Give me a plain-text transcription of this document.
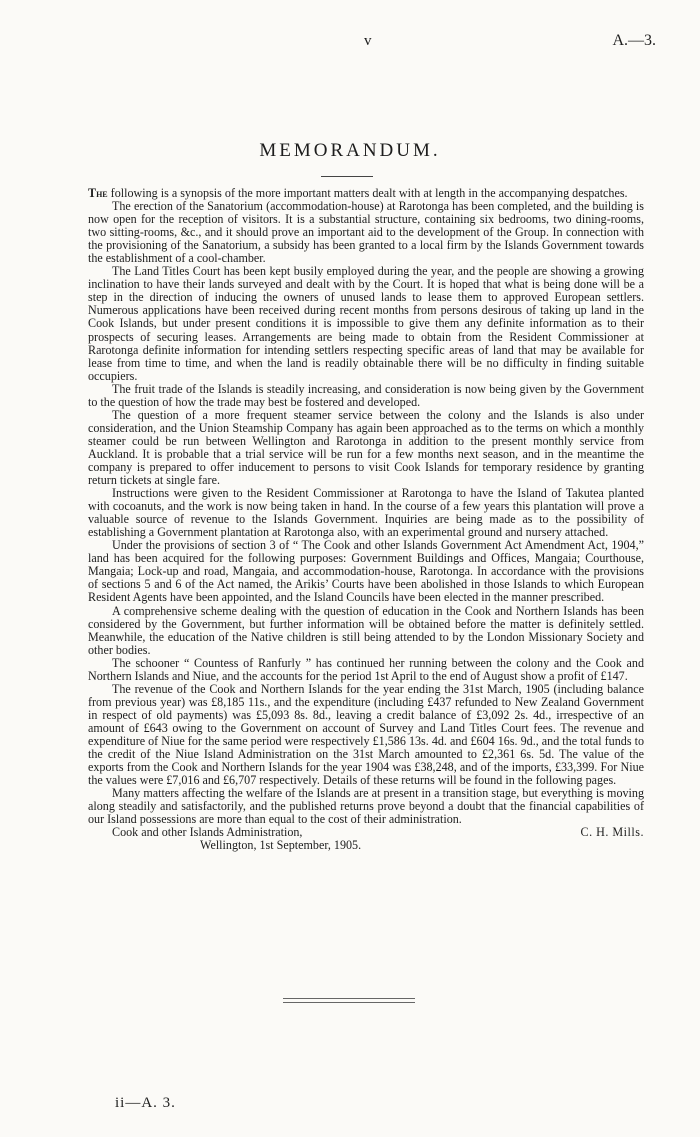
v	A.—3.
MEMORANDUM.

The following is a synopsis of the more important matters dealt with at length in the accompanying despatches.

The erection of the Sanatorium (accommodation-house) at Rarotonga has been completed, and the building is now open for the reception of visitors. It is a substantial structure, containing six bedrooms, two dining-rooms, two sitting-rooms, &c., and it should prove an important aid to the development of the Group. In connection with the provisioning of the Sanatorium, a subsidy has been granted to a local firm by the Islands Government towards the establishment of a cool-chamber.

The Land Titles Court has been kept busily employed during the year, and the people are showing a growing inclination to have their lands surveyed and dealt with by the Court. It is hoped that what is being done will be a step in the direction of inducing the owners of unused lands to lease them to approved European settlers. Numerous applications have been received during recent months from persons desirous of taking up land in the Cook Islands, but under present conditions it is impossible to give them any definite information as to their prospects of securing leases. Arrangements are being made to obtain from the Resident Commissioner at Rarotonga definite information for intending settlers respecting specific areas of land that may be available for lease from time to time, and when the land is readily obtainable there will be no difficulty in finding suitable occupiers.

The fruit trade of the Islands is steadily increasing, and consideration is now being given by the Government to the question of how the trade may best be fostered and developed.

The question of a more frequent steamer service between the colony and the Islands is also under consideration, and the Union Steamship Company has again been approached as to the terms on which a monthly steamer could be run between Wellington and Rarotonga in addition to the present monthly service from Auckland. It is probable that a trial service will be run for a few months next season, and in the meantime the company is prepared to offer inducement to persons to visit Cook Islands for temporary residence by granting return tickets at single fare.

Instructions were given to the Resident Commissioner at Rarotonga to have the Island of Takutea planted with cocoanuts, and the work is now being taken in hand. In the course of a few years this plantation will prove a valuable source of revenue to the Islands Government. Inquiries are being made as to the possibility of establishing a Government plantation at Rarotonga also, with an experimental ground and nursery attached.

Under the provisions of section 3 of “ The Cook and other Islands Government Act Amendment Act, 1904,” land has been acquired for the following purposes: Government Buildings and Offices, Mangaia; Courthouse, Mangaia; Lock-up and road, Mangaia, and accommodation-house, Rarotonga. In accordance with the provisions of sections 5 and 6 of the Act named, the Arikis’ Courts have been abolished in those Islands to which European Resident Agents have been appointed, and the Island Councils have been elected in the manner prescribed.

A comprehensive scheme dealing with the question of education in the Cook and Northern Islands has been considered by the Government, but further information will be obtained before the matter is definitely settled. Meanwhile, the education of the Native children is still being attended to by the London Missionary Society and other bodies.

The schooner “ Countess of Ranfurly ” has continued her running between the colony and the Cook and Northern Islands and Niue, and the accounts for the period 1st April to the end of August show a profit of £147.

The revenue of the Cook and Northern Islands for the year ending the 31st March, 1905 (including balance from previous year) was £8,185 11s., and the expenditure (including £437 refunded to New Zealand Government in respect of old payments) was £5,093 8s. 8d., leaving a credit balance of £3,092 2s. 4d., irrespective of an amount of £643 owing to the Government on account of Survey and Land Titles Court fees. The revenue and expenditure of Niue for the same period were respectively £1,586 13s. 4d. and £604 16s. 9d., and the total funds to the credit of the Niue Island Administration on the 31st March amounted to £2,361 6s. 5d. The value of the exports from the Cook and Northern Islands for the year 1904 was £38,248, and of the imports, £33,399. For Niue the values were £7,016 and £6,707 respectively. Details of these returns will be found in the following pages.

Many matters affecting the welfare of the Islands are at present in a transition stage, but everything is moving along steadily and satisfactorily, and the published returns prove beyond a doubt that the financial capabilities of our Island possessions are more than equal to the cost of their administration.

Cook and other Islands Administration,	C. H. Mills.
Wellington, 1st September, 1905.
ii—A. 3.
